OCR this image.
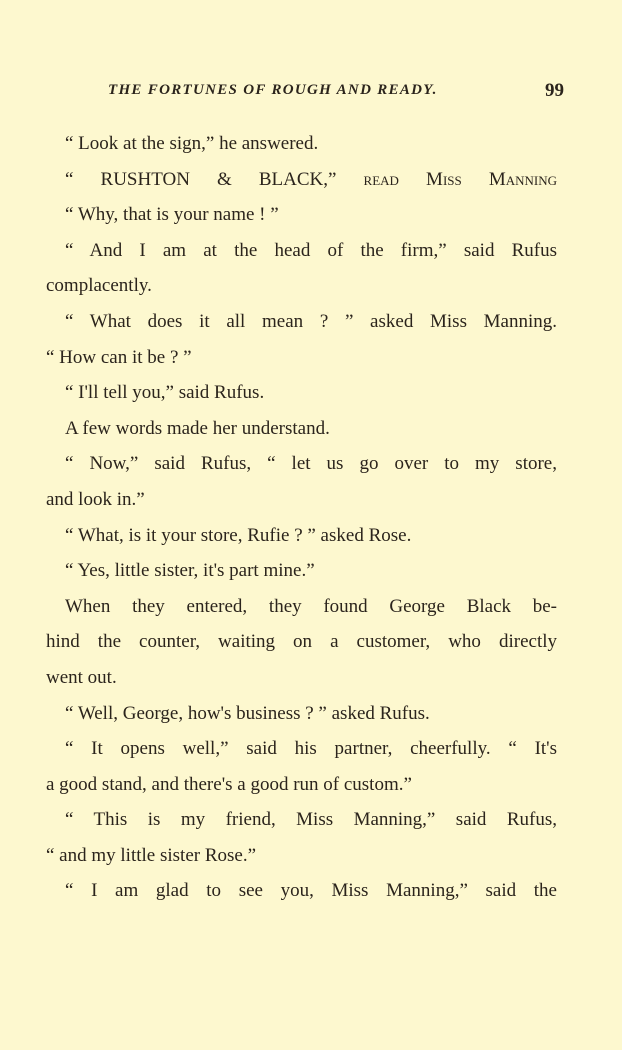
THE FORTUNES OF ROUGH AND READY.	99
“ Look at the sign,” he answered.
“ RUSHTON & BLACK,” read Miss Manning
“ Why, that is your name ! ”
“ And I am at the head of the firm,” said Rufus
complacently.
“ What does it all mean ? ” asked Miss Manning.
“ How can it be ? ”
“ I'll tell you,” said Rufus.
A few words made her understand.
“ Now,” said Rufus, “ let us go over to my store,
and look in.”
“ What, is it your store, Rufie ? ” asked Rose.
“ Yes, little sister, it's part mine.”
When they entered, they found George Black be-
hind the counter, waiting on a customer, who directly
went out.
“ Well, George, how's business ? ” asked Rufus.
“ It opens well,” said his partner, cheerfully. “ It's
a good stand, and there's a good run of custom.”
“ This is my friend, Miss Manning,” said Rufus,
“ and my little sister Rose.”
“ I am glad to see you, Miss Manning,” said the
